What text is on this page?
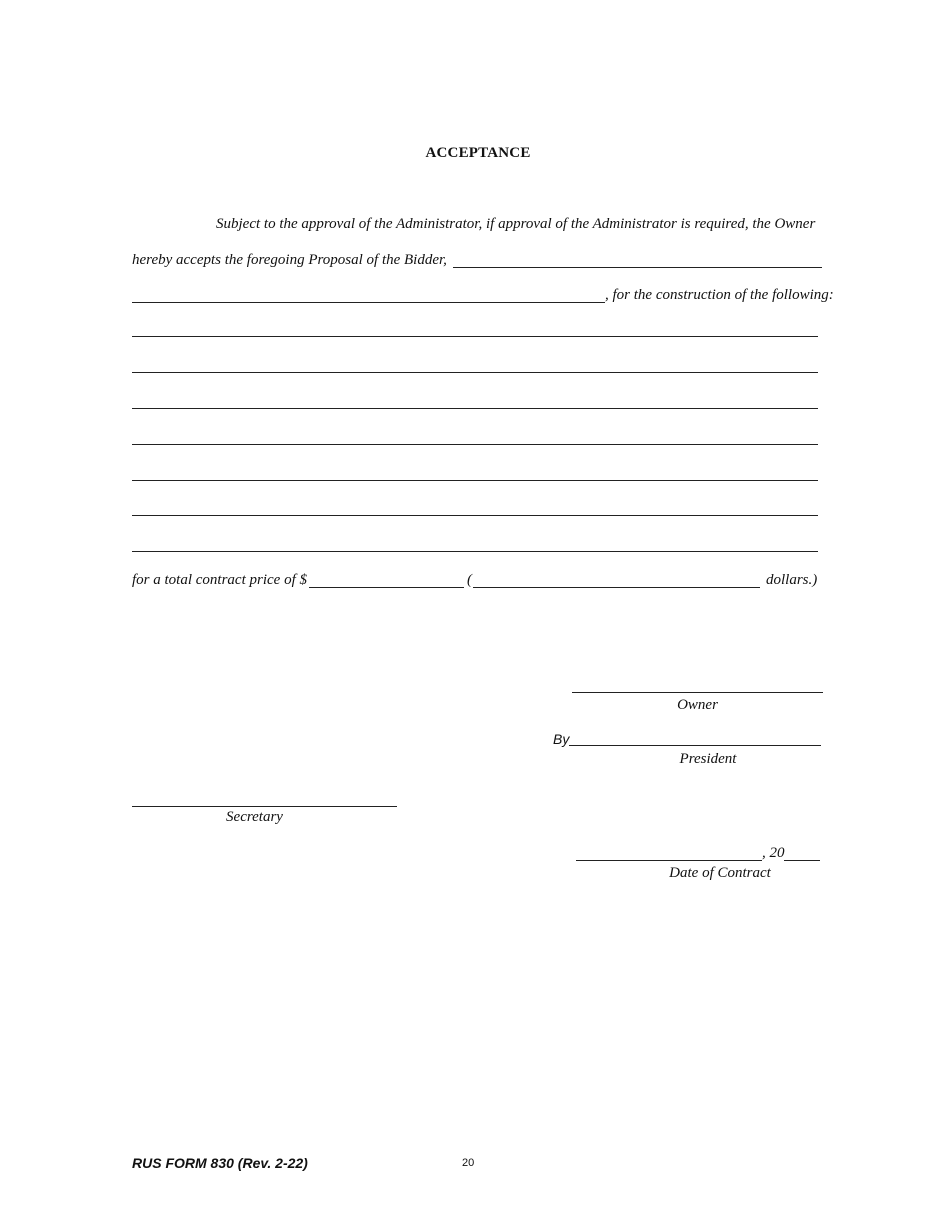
ACCEPTANCE
Subject to the approval of the Administrator, if approval of the Administrator is required, the Owner
hereby accepts the foregoing Proposal of the Bidder,
, for the construction of the following:
for a total contract price of $	(	dollars.)
Owner
By
President
Secretary
, 20
Date of Contract
RUS FORM 830 (Rev. 2-22)	20
